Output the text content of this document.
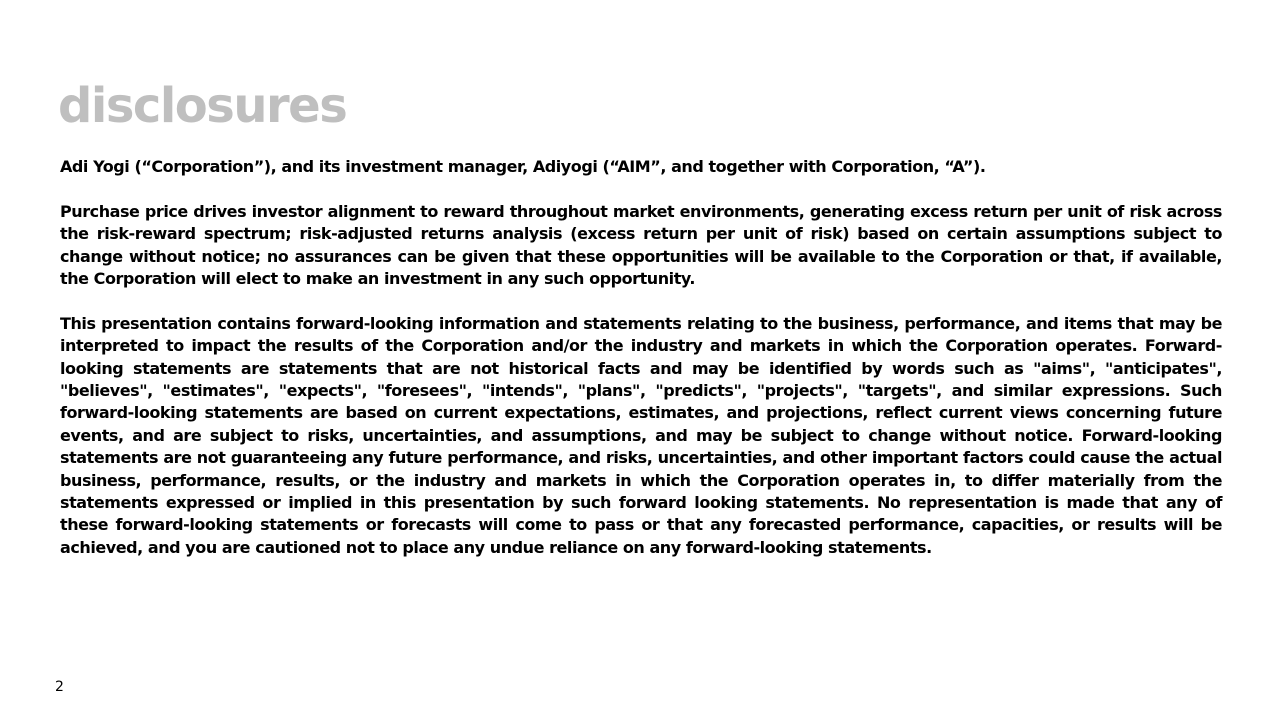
disclosures

Adi Yogi (“Corporation”), and its investment manager, Adiyogi (“AIM”, and together with Corporation, “A”).

Purchase price drives investor alignment to reward throughout market environments, generating excess return per unit of risk across the risk-reward spectrum; risk-adjusted returns analysis (excess return per unit of risk) based on certain assumptions subject to change without notice; no assurances can be given that these opportunities will be available to the Corporation or that, if available, the Corporation will elect to make an investment in any such opportunity.

This presentation contains forward-looking information and statements relating to the business, performance, and items that may be interpreted to impact the results of the Corporation and/or the industry and markets in which the Corporation operates. Forward-looking statements are statements that are not historical facts and may be identified by words such as "aims", "anticipates", "believes", "estimates", "expects", "foresees", "intends", "plans", "predicts", "projects", "targets", and similar expressions. Such forward-looking statements are based on current expectations, estimates, and projections, reflect current views concerning future events, and are subject to risks, uncertainties, and assumptions, and may be subject to change without notice. Forward-looking statements are not guaranteeing any future performance, and risks, uncertainties, and other important factors could cause the actual business, performance, results, or the industry and markets in which the Corporation operates in, to differ materially from the statements expressed or implied in this presentation by such forward looking statements. No representation is made that any of these forward-looking statements or forecasts will come to pass or that any forecasted performance, capacities, or results will be achieved, and you are cautioned not to place any undue reliance on any forward-looking statements.

2
